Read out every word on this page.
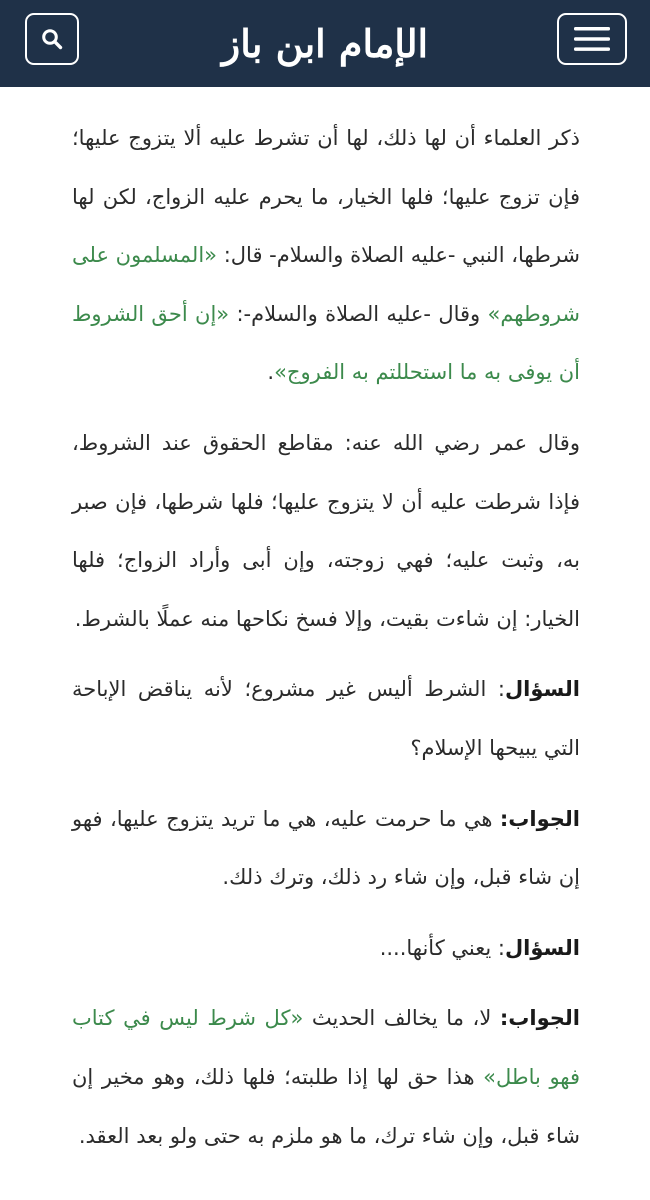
الإمام ابن باز

ذكر العلماء أن لها ذلك، لها أن تشرط عليه ألا يتزوج عليها؛ فإن تزوج عليها؛ فلها الخيار، ما يحرم عليه الزواج، لكن لها شرطها، النبي -عليه الصلاة والسلام- قال: «المسلمون على شروطهم» وقال -عليه الصلاة والسلام-: «إن أحق الشروط أن يوفى به ما استحللتم به الفروج».

وقال عمر رضي الله عنه: مقاطع الحقوق عند الشروط، فإذا شرطت عليه أن لا يتزوج عليها؛ فلها شرطها، فإن صبر به، وثبت عليه؛ فهي زوجته، وإن أبى وأراد الزواج؛ فلها الخيار: إن شاءت بقيت، وإلا فسخ نكاحها منه عملًا بالشرط.

السؤال: الشرط أليس غير مشروع؛ لأنه يناقض الإباحة التي يبيحها الإسلام؟

الجواب: هي ما حرمت عليه، هي ما تريد يتزوج عليها، فهو إن شاء قبل، وإن شاء رد ذلك، وترك ذلك.

السؤال: يعني كأنها....

الجواب: لا، ما يخالف الحديث «كل شرط ليس في كتاب فهو باطل» هذا حق لها إذا طلبته؛ فلها ذلك، وهو مخير إن شاء قبل، وإن شاء ترك، ما هو ملزم به حتى ولو بعد العقد.
